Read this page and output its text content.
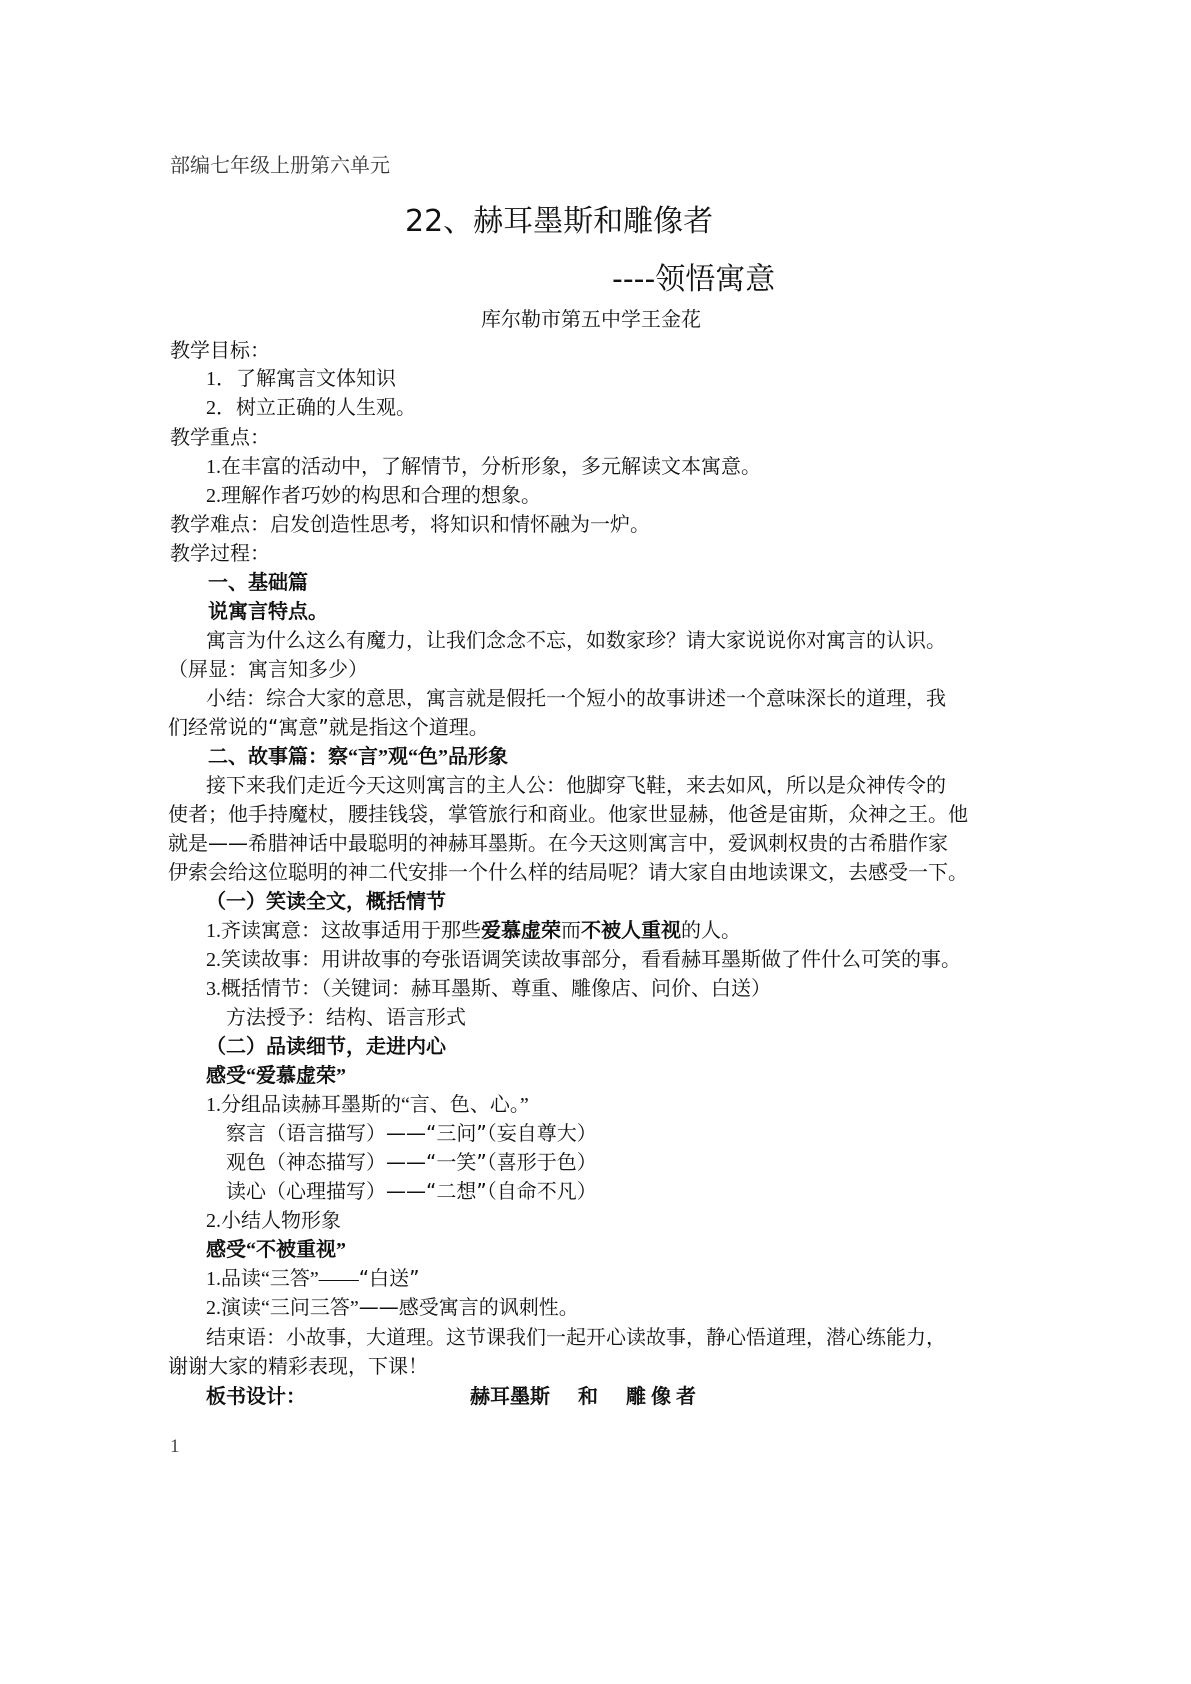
部编七年级上册第六单元
22、赫耳墨斯和雕像者
----领悟寓意
库尔勒市第五中学王金花
教学目标：
1．了解寓言文体知识
2．树立正确的人生观。
教学重点：
1.在丰富的活动中，了解情节，分析形象，多元解读文本寓意。
2.理解作者巧妙的构思和合理的想象。
教学难点：启发创造性思考，将知识和情怀融为一炉。
教学过程：
一、基础篇
说寓言特点。
寓言为什么这么有魔力，让我们念念不忘，如数家珍？请大家说说你对寓言的认识。
（屏显：寓言知多少）
小结：综合大家的意思，寓言就是假托一个短小的故事讲述一个意味深长的道理，我
们经常说的“寓意”就是指这个道理。
二、故事篇：察“言”观“色”品形象
接下来我们走近今天这则寓言的主人公：他脚穿飞鞋，来去如风，所以是众神传令的
使者；他手持魔杖，腰挂钱袋，掌管旅行和商业。他家世显赫，他爸是宙斯，众神之王。他
就是——希腊神话中最聪明的神赫耳墨斯。在今天这则寓言中，爱讽刺权贵的古希腊作家
伊索会给这位聪明的神二代安排一个什么样的结局呢？请大家自由地读课文，去感受一下。
（一）笑读全文，概括情节
1.齐读寓意：这故事适用于那些爱慕虚荣而不被人重视的人。
2.笑读故事：用讲故事的夸张语调笑读故事部分，看看赫耳墨斯做了件什么可笑的事。
3.概括情节：（关键词：赫耳墨斯、尊重、雕像店、问价、白送）
方法授予：结构、语言形式
（二）品读细节，走进内心
感受“爱慕虚荣”
1.分组品读赫耳墨斯的“言、色、心。”
察言（语言描写）——“三问”（妄自尊大）
观色（神态描写）——“一笑”（喜形于色）
读心（心理描写）——“二想”（自命不凡）
2.小结人物形象
感受“不被重视”
1.品读“三答”——“白送”
2.演读“三问三答”——感受寓言的讽刺性。
结束语：小故事，大道理。这节课我们一起开心读故事，静心悟道理，潜心练能力，
谢谢大家的精彩表现，下课！
板书设计：	赫耳墨斯 和 雕 像 者
1
